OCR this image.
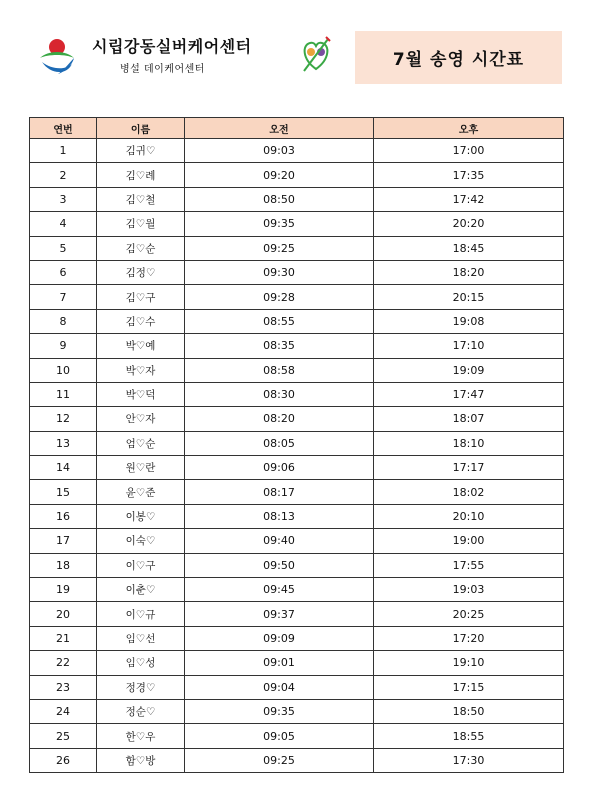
시립강동실버케어센터
병설 데이케어센터	7월 송영 시간표
연번	이름	오전	오후
1	김귀♡	09:03	17:00
2	김♡례	09:20	17:35
3	김♡철	08:50	17:42
4	김♡월	09:35	20:20
5	김♡순	09:25	18:45
6	김정♡	09:30	18:20
7	김♡구	09:28	20:15
8	김♡수	08:55	19:08
9	박♡예	08:35	17:10
10	박♡자	08:58	19:09
11	박♡덕	08:30	17:47
12	안♡자	08:20	18:07
13	엄♡순	08:05	18:10
14	원♡란	09:06	17:17
15	윤♡준	08:17	18:02
16	이봉♡	08:13	20:10
17	이숙♡	09:40	19:00
18	이♡구	09:50	17:55
19	이춘♡	09:45	19:03
20	이♡규	09:37	20:25
21	임♡선	09:09	17:20
22	임♡성	09:01	19:10
23	정경♡	09:04	17:15
24	정순♡	09:35	18:50
25	한♡우	09:05	18:55
26	함♡방	09:25	17:30
